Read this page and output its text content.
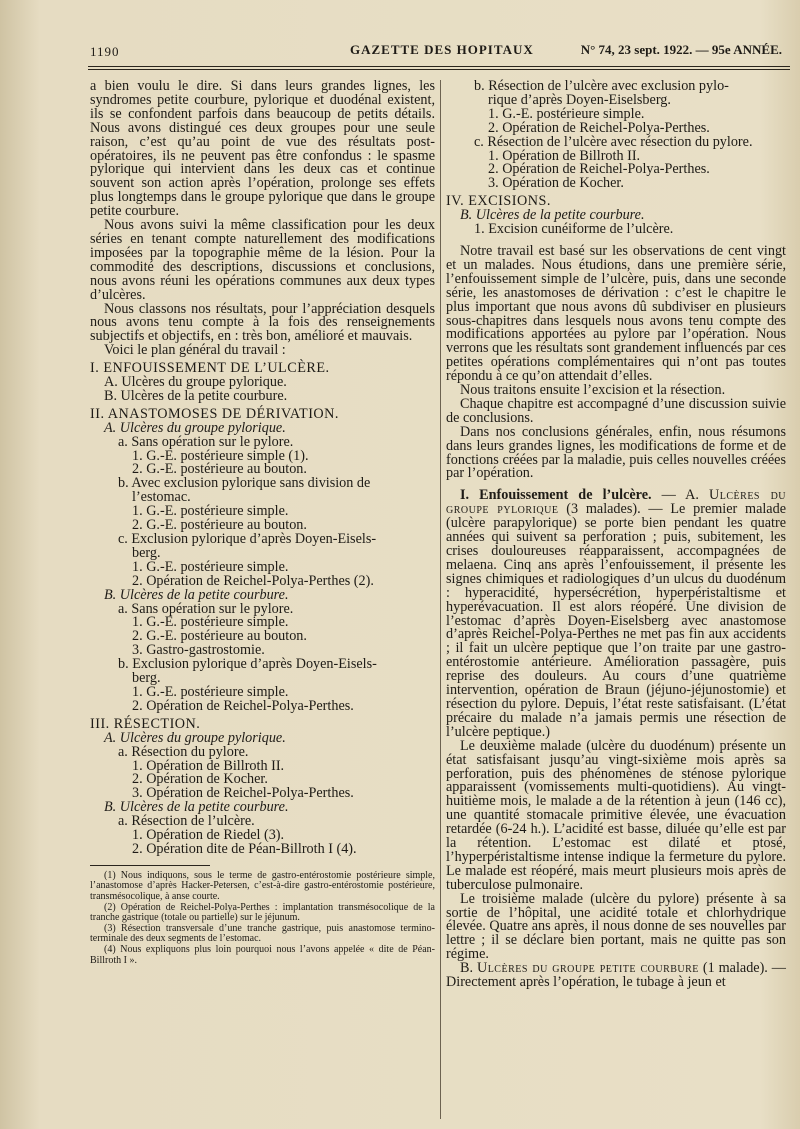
1190	GAZETTE DES HOPITAUX	N° 74, 23 sept. 1922. — 95e ANNÉE.

a bien voulu le dire. Si dans leurs grandes lignes, les syndromes petite courbure, pylorique et duodénal existent, ils se confondent parfois dans beaucoup de petits détails. Nous avons distingué ces deux groupes pour une seule raison, c’est qu’au point de vue des résultats post-opératoires, ils ne peuvent pas être confondus : le spasme pylorique qui intervient dans les deux cas et continue souvent son action après l’opération, prolonge ses effets plus longtemps dans le groupe pylorique que dans le groupe petite courbure.

Nous avons suivi la même classification pour les deux séries en tenant compte naturellement des modifications imposées par la topographie même de la lésion. Pour la commodité des descriptions, discussions et conclusions, nous avons réuni les opérations communes aux deux types d’ulcères.

Nous classons nos résultats, pour l’appréciation desquels nous avons tenu compte à la fois des renseignements subjectifs et objectifs, en : très bon, amélioré et mauvais.

Voici le plan général du travail :

I. ENFOUISSEMENT DE L’ULCÈRE.
A. Ulcères du groupe pylorique.
B. Ulcères de la petite courbure.
II. ANASTOMOSES DE DÉRIVATION.
A. Ulcères du groupe pylorique.
a. Sans opération sur le pylore.
1. G.-E. postérieure simple (1).
2. G.-E. postérieure au bouton.
b. Avec exclusion pylorique sans division de
l’estomac.
1. G.-E. postérieure simple.
2. G.-E. postérieure au bouton.
c. Exclusion pylorique d’après Doyen-Eisels-
berg.
1. G.-E. postérieure simple.
2. Opération de Reichel-Polya-Perthes (2).
B. Ulcères de la petite courbure.
a. Sans opération sur le pylore.
1. G.-E. postérieure simple.
2. G.-E. postérieure au bouton.
3. Gastro-gastrostomie.
b. Exclusion pylorique d’après Doyen-Eisels-
berg.
1. G.-E. postérieure simple.
2. Opération de Reichel-Polya-Perthes.
III. RÉSECTION.
A. Ulcères du groupe pylorique.
a. Résection du pylore.
1. Opération de Billroth II.
2. Opération de Kocher.
3. Opération de Reichel-Polya-Perthes.
B. Ulcères de la petite courbure.
a. Résection de l’ulcère.
1. Opération de Riedel (3).
2. Opération dite de Péan-Billroth I (4).

(1) Nous indiquons, sous le terme de gastro-entérostomie postérieure simple, l’anastomose d’après Hacker-Petersen, c’est-à-dire gastro-entérostomie postérieure, transmésocolique, à anse courte.

(2) Opération de Reichel-Polya-Perthes : implantation transmésocolique de la tranche gastrique (totale ou partielle) sur le jéjunum.

(3) Résection transversale d’une tranche gastrique, puis anastomose termino-terminale des deux segments de l’estomac.

(4) Nous expliquons plus loin pourquoi nous l’avons appelée « dite de Péan-Billroth I ».

b. Résection de l’ulcère avec exclusion pylo-
rique d’après Doyen-Eiselsberg.
1. G.-E. postérieure simple.
2. Opération de Reichel-Polya-Perthes.
c. Résection de l’ulcère avec résection du pylore.
1. Opération de Billroth II.
2. Opération de Reichel-Polya-Perthes.
3. Opération de Kocher.
IV. EXCISIONS.
B. Ulcères de la petite courbure.
1. Excision cunéiforme de l’ulcère.

Notre travail est basé sur les observations de cent vingt et un malades. Nous étudions, dans une première série, l’enfouissement simple de l’ulcère, puis, dans une seconde série, les anastomoses de dérivation : c’est le chapitre le plus important que nous avons dû subdiviser en plusieurs sous-chapitres dans lesquels nous avons tenu compte des modifications apportées au pylore par l’opération. Nous verrons que les résultats sont grandement influencés par ces petites opérations complémentaires qui n’ont pas toutes répondu à ce qu’on attendait d’elles.

Nous traitons ensuite l’excision et la résection.

Chaque chapitre est accompagné d’une discussion suivie de conclusions.

Dans nos conclusions générales, enfin, nous résumons dans leurs grandes lignes, les modifications de forme et de fonctions créées par la maladie, puis celles nouvelles créées par l’opération.

I. Enfouissement de l’ulcère. — A. Ulcères du groupe pylorique (3 malades). — Le premier malade (ulcère parapylorique) se porte bien pendant les quatre années qui suivent sa perforation ; puis, subitement, les crises douloureuses réapparaissent, accompagnées de melaena. Cinq ans après l’enfouissement, il présente les signes chimiques et radiologiques d’un ulcus du duodénum : hyperacidité, hypersécrétion, hyperpéristaltisme et hyperévacuation. Il est alors réopéré. Une division de l’estomac d’après Doyen-Eiselsberg avec anastomose d’après Reichel-Polya-Perthes ne met pas fin aux accidents ; il fait un ulcère peptique que l’on traite par une gastro-entérostomie antérieure. Amélioration passagère, puis reprise des douleurs. Au cours d’une quatrième intervention, opération de Braun (jéjuno-jéjunostomie) et résection du pylore. Depuis, l’état reste satisfaisant. (L’état précaire du malade n’a jamais permis une résection de l’ulcère peptique.)

Le deuxième malade (ulcère du duodénum) présente un état satisfaisant jusqu’au vingt-sixième mois après sa perforation, puis des phénomènes de sténose pylorique apparaissent (vomissements multi-quotidiens). Au vingt-huitième mois, le malade a de la rétention à jeun (146 cc), une quantité stomacale primitive élevée, une évacuation retardée (6-24 h.). L’acidité est basse, diluée qu’elle est par la rétention. L’estomac est dilaté et ptosé, l’hyperpéristaltisme intense indique la fermeture du pylore. Le malade est réopéré, mais meurt plusieurs mois après de tuberculose pulmonaire.

Le troisième malade (ulcère du pylore) présente à sa sortie de l’hôpital, une acidité totale et chlorhydrique élevée. Quatre ans après, il nous donne de ses nouvelles par lettre ; il se déclare bien portant, mais ne quitte pas son régime.

B. Ulcères du groupe petite courbure (1 malade). — Directement après l’opération, le tubage à jeun et
